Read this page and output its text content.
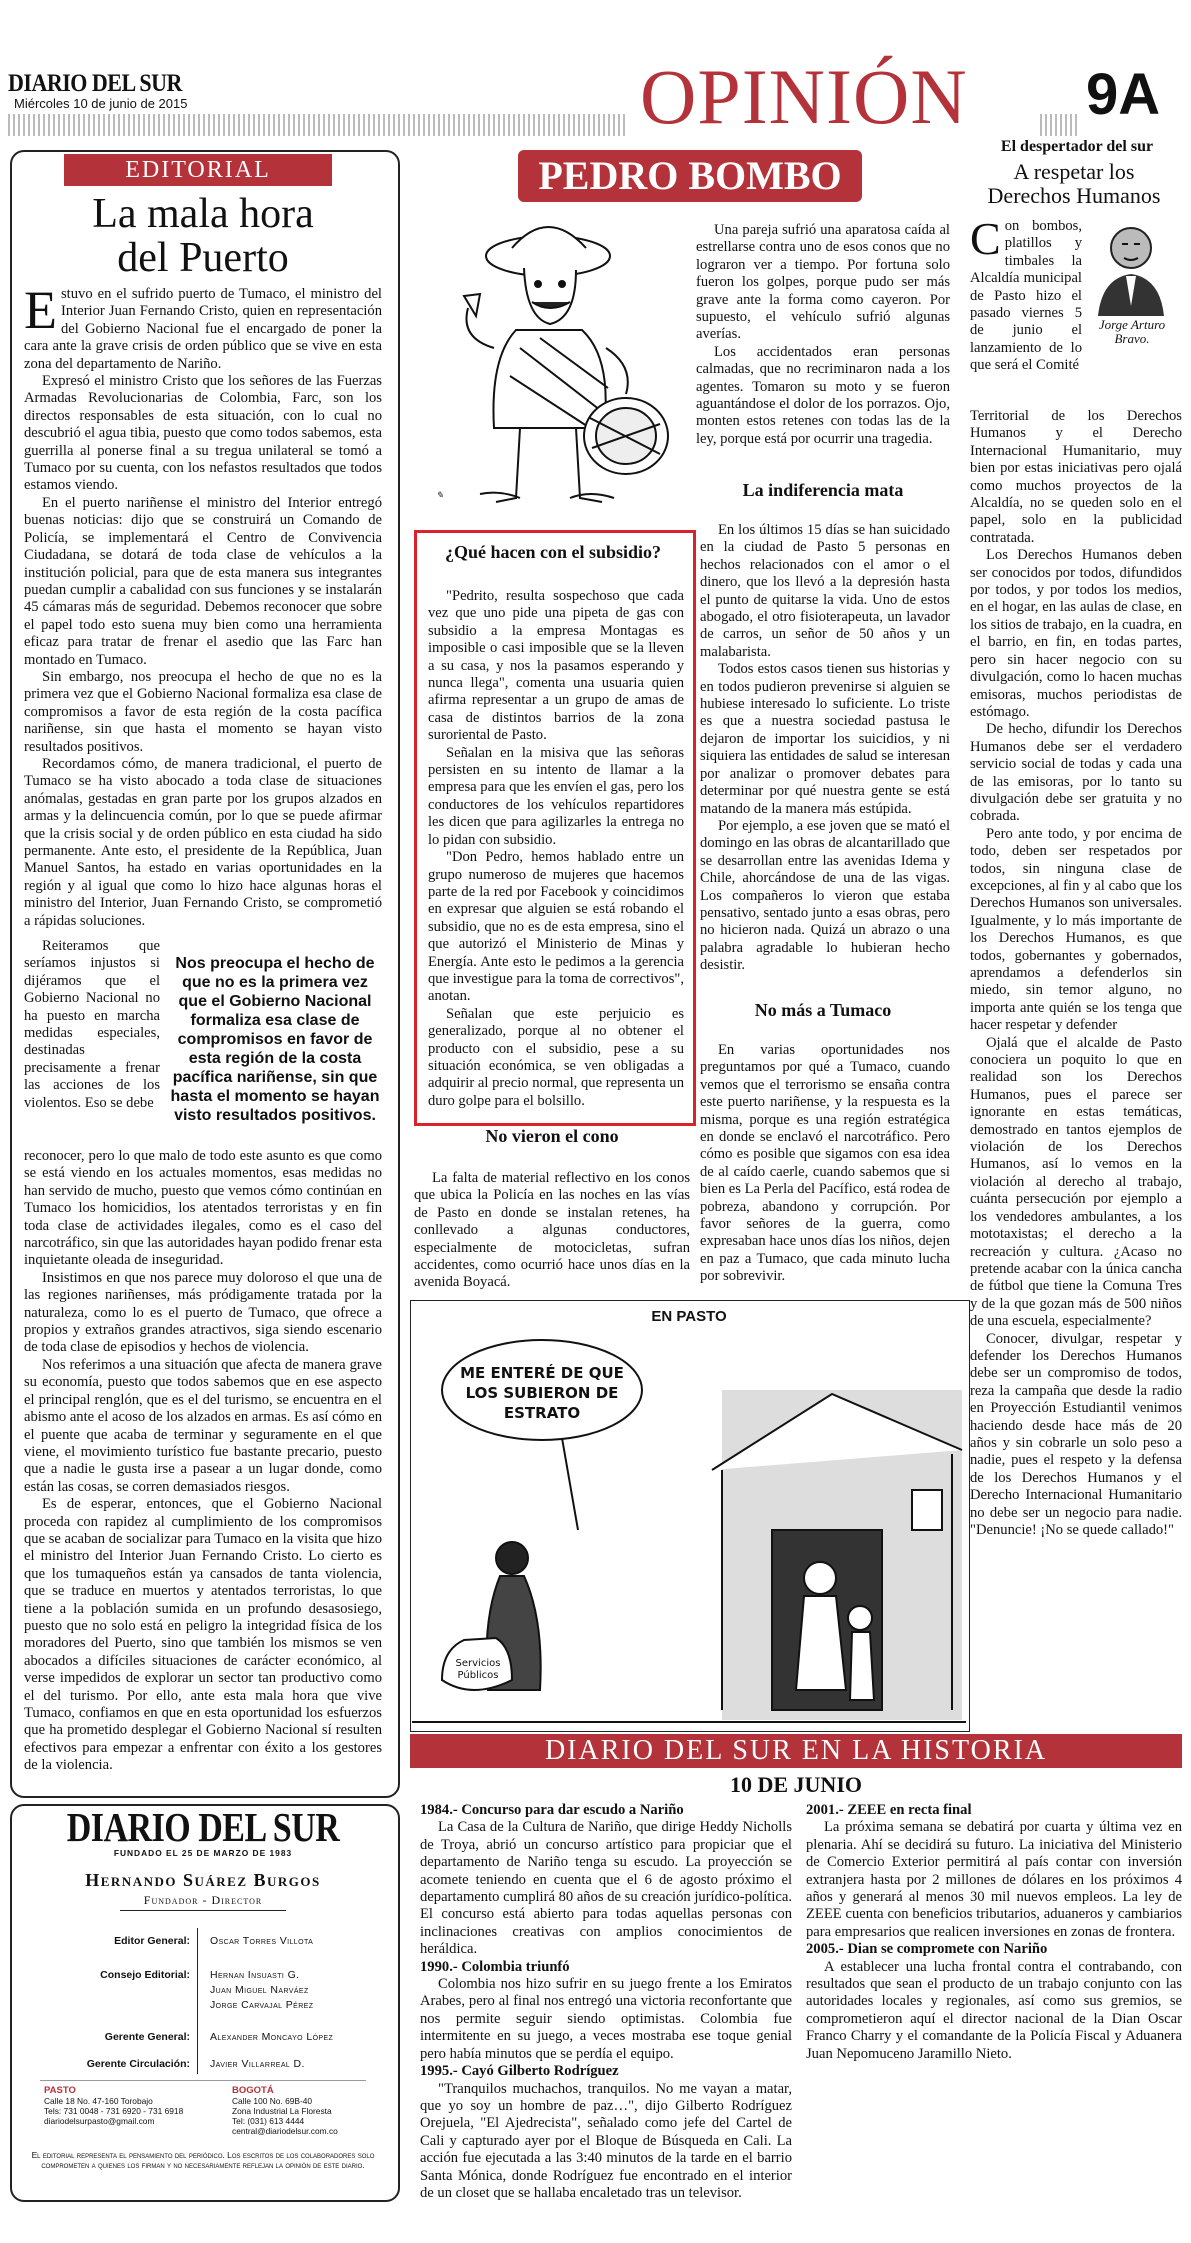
DIARIO DEL SUR
Miércoles 10 de junio de 2015	OPINIÓN 9A
EDITORIAL
La mala hora
del Puerto

Estuvo en el sufrido puerto de Tumaco, el ministro del Interior Juan Fernando Cristo, quien en representación del Gobierno Nacional fue el encargado de poner la cara ante la grave crisis de orden público que se vive en esta zona del departamento de Nariño.

Expresó el ministro Cristo que los señores de las Fuerzas Armadas Revolucionarias de Colombia, Farc, son los directos responsables de esta situación, con lo cual no descubrió el agua tibia, puesto que como todos sabemos, esta guerrilla al ponerse final a su tregua unilateral se tomó a Tumaco por su cuenta, con los nefastos resultados que todos estamos viendo.

En el puerto nariñense el ministro del Interior entregó buenas noticias: dijo que se construirá un Comando de Policía, se implementará el Centro de Convivencia Ciudadana, se dotará de toda clase de vehículos a la institución policial, para que de esta manera sus integrantes puedan cumplir a cabalidad con sus funciones y se instalarán 45 cámaras más de seguridad. Debemos reconocer que sobre el papel todo esto suena muy bien como una herramienta eficaz para tratar de frenar el asedio que las Farc han montado en Tumaco.

Sin embargo, nos preocupa el hecho de que no es la primera vez que el Gobierno Nacional formaliza esa clase de compromisos a favor de esta región de la costa pacífica nariñense, sin que hasta el momento se hayan visto resultados positivos.

Recordamos cómo, de manera tradicional, el puerto de Tumaco se ha visto abocado a toda clase de situaciones anómalas, gestadas en gran parte por los grupos alzados en armas y la delincuencia común, por lo que se puede afirmar que la crisis social y de orden público en esta ciudad ha sido permanente. Ante esto, el presidente de la República, Juan Manuel Santos, ha estado en varias oportunidades en la región y al igual que como lo hizo hace algunas horas el ministro del Interior, Juan Fernando Cristo, se comprometió a rápidas soluciones.

Reiteramos que seríamos injustos si dijéramos que el Gobierno Nacional no ha puesto en marcha medidas especiales, destinadas precisamente a frenar las acciones de los violentos. Eso se debe

Nos preocupa el hecho de que no es la primera vez que el Gobierno Nacional formaliza esa clase de compromisos en favor de esta región de la costa pacífica nariñense, sin que hasta el momento se hayan visto resultados positivos.

reconocer, pero lo que malo de todo este asunto es que como se está viendo en los actuales momentos, esas medidas no han servido de mucho, puesto que vemos cómo continúan en Tumaco los homicidios, los atentados terroristas y en fin toda clase de actividades ilegales, como es el caso del narcotráfico, sin que las autoridades hayan podido frenar esta inquietante oleada de inseguridad.

Insistimos en que nos parece muy doloroso el que una de las regiones nariñenses, más pródigamente tratada por la naturaleza, como lo es el puerto de Tumaco, que ofrece a propios y extraños grandes atractivos, siga siendo escenario de toda clase de episodios y hechos de violencia.

Nos referimos a una situación que afecta de manera grave su economía, puesto que todos sabemos que en ese aspecto el principal renglón, que es el del turismo, se encuentra en el abismo ante el acoso de los alzados en armas. Es así cómo en el puente que acaba de terminar y seguramente en el que viene, el movimiento turístico fue bastante precario, puesto que a nadie le gusta irse a pasear a un lugar donde, como están las cosas, se corren demasiados riesgos.

Es de esperar, entonces, que el Gobierno Nacional proceda con rapidez al cumplimiento de los compromisos que se acaban de socializar para Tumaco en la visita que hizo el ministro del Interior Juan Fernando Cristo. Lo cierto es que los tumaqueños están ya cansados de tanta violencia, que se traduce en muertos y atentados terroristas, lo que tiene a la población sumida en un profundo desasosiego, puesto que no solo está en peligro la integridad física de los moradores del Puerto, sino que también los mismos se ven abocados a difíciles situaciones de carácter económico, al verse impedidos de explorar un sector tan productivo como el del turismo. Por ello, ante esta mala hora que vive Tumaco, confiamos en que en esta oportunidad los esfuerzos que ha prometido desplegar el Gobierno Nacional sí resulten efectivos para empezar a enfrentar con éxito a los gestores de la violencia.

DIARIO DEL SUR
FUNDADO EL 25 DE MARZO DE 1983
Hernando Suárez Burgos
Fundador - Director
Editor General: Oscar Torres Villota
Consejo Editorial: Hernan Insuasti G.
Juan Miguel Narváez
Jorge Carvajal Pérez
Gerente General: Alexander Moncayo López
Gerente Circulación: Javier Villarreal D.
PASTO
Calle 18 No. 47-160 Torobajo
Tels: 731 0048 - 731 6920 - 731 6918
diariodelsurpasto@gmail.com
BOGOTÁ
Calle 100 No. 69B-40
Zona Industrial La Floresta
Tel: (031) 613 4444
central@diariodelsur.com.co
El editorial representa el pensamiento del periódico. Los escritos de los colaboradores solo comprometen a quienes los firman y no necesariamente reflejan la opinión de este diario.
PEDRO BOMBO
✎

Una pareja sufrió una aparatosa caída al estrellarse contra uno de esos conos que no lograron ver a tiempo. Por fortuna solo fueron los golpes, porque pudo ser más grave ante la forma como cayeron. Por supuesto, el vehículo sufrió algunas averías.

Los accidentados eran personas calmadas, que no recriminaron nada a los agentes. Tomaron su moto y se fueron aguantándose el dolor de los porrazos. Ojo, monten estos retenes con todas las de la ley, porque está por ocurrir una tragedia.

¿Qué hacen con el subsidio?

"Pedrito, resulta sospechoso que cada vez que uno pide una pipeta de gas con subsidio a la empresa Montagas es imposible o casi imposible que se la lleven a su casa, y nos la pasamos esperando y nunca llega", comenta una usuaria quien afirma representar a un grupo de amas de casa de distintos barrios de la zona suroriental de Pasto.

Señalan en la misiva que las señoras persisten en su intento de llamar a la empresa para que les envíen el gas, pero los conductores de los vehículos repartidores les dicen que para agilizarles la entrega no lo pidan con subsidio.

"Don Pedro, hemos hablado entre un grupo numeroso de mujeres que hacemos parte de la red por Facebook y coincidimos en expresar que alguien se está robando el subsidio, que no es de esta empresa, sino el que autorizó el Ministerio de Minas y Energía. Ante esto le pedimos a la gerencia que investigue para la toma de correctivos", anotan.

Señalan que este perjuicio es generalizado, porque al no obtener el producto con el subsidio, pese a su situación económica, se ven obligadas a adquirir al precio normal, que representa un duro golpe para el bolsillo.

La indiferencia mata

En los últimos 15 días se han suicidado en la ciudad de Pasto 5 personas en hechos relacionados con el amor o el dinero, que los llevó a la depresión hasta el punto de quitarse la vida. Uno de estos abogado, el otro fisioterapeuta, un lavador de carros, un señor de 50 años y un malabarista.

Todos estos casos tienen sus historias y en todos pudieron prevenirse si alguien se hubiese interesado lo suficiente. Lo triste es que a nuestra sociedad pastusa le dejaron de importar los suicidios, y ni siquiera las entidades de salud se interesan por analizar o promover debates para determinar por qué nuestra gente se está matando de la manera más estúpida.

Por ejemplo, a ese joven que se mató el domingo en las obras de alcantarillado que se desarrollan entre las avenidas Idema y Chile, ahorcándose de una de las vigas. Los compañeros lo vieron que estaba pensativo, sentado junto a esas obras, pero no hicieron nada. Quizá un abrazo o una palabra agradable lo hubieran hecho desistir.

No más a Tumaco

En varias oportunidades nos preguntamos por qué a Tumaco, cuando vemos que el terrorismo se ensaña contra este puerto nariñense, y la respuesta es la misma, porque es una región estratégica en donde se enclavó el narcotráfico. Pero cómo es posible que sigamos con esa idea de al caído caerle, cuando sabemos que si bien es La Perla del Pacífico, está rodea de pobreza, abandono y corrupción. Por favor señores de la guerra, como expresaban hace unos días los niños, dejen en paz a Tumaco, que cada minuto lucha por sobrevivir.

No vieron el cono

La falta de material reflectivo en los conos que ubica la Policía en las noches en las vías de Pasto en donde se instalan retenes, ha conllevado a algunas conductores, especialmente de motocicletas, sufran accidentes, como ocurrió hace unos días en la avenida Boyacá.

EN PASTO
ME ENTERÉ DE QUE
LOS SUBIERON DE
ESTRATO
Servicios
Públicos
El despertador del sur
A respetar los
Derechos Humanos
Jorge Arturo Bravo.

Con bombos, platillos y timbales la Alcaldía municipal de Pasto hizo el pasado viernes 5 de junio el lanzamiento de lo que será el Comité

Territorial de los Derechos Humanos y el Derecho Internacional Humanitario, muy bien por estas iniciativas pero ojalá como muchos proyectos de la Alcaldía, no se queden solo en el papel, solo en la publicidad contratada.

Los Derechos Humanos deben ser conocidos por todos, difundidos por todos, y por todos los medios, en el hogar, en las aulas de clase, en los sitios de trabajo, en la cuadra, en el barrio, en fin, en todas partes, pero sin hacer negocio con su divulgación, como lo hacen muchas emisoras, muchos periodistas de estómago.

De hecho, difundir los Derechos Humanos debe ser el verdadero servicio social de todas y cada una de las emisoras, por lo tanto su divulgación debe ser gratuita y no cobrada.

Pero ante todo, y por encima de todo, deben ser respetados por todos, sin ninguna clase de excepciones, al fin y al cabo que los Derechos Humanos son universales. Igualmente, y lo más importante de los Derechos Humanos, es que todos, gobernantes y gobernados, aprendamos a defenderlos sin miedo, sin temor alguno, no importa ante quién se los tenga que hacer respetar y defender

Ojalá que el alcalde de Pasto conociera un poquito lo que en realidad son los Derechos Humanos, pues el parece ser ignorante en estas temáticas, demostrado en tantos ejemplos de violación de los Derechos Humanos, así lo vemos en la violación al derecho al trabajo, cuánta persecución por ejemplo a los vendedores ambulantes, a los mototaxistas; el derecho a la recreación y cultura. ¿Acaso no pretende acabar con la única cancha de fútbol que tiene la Comuna Tres y de la que gozan más de 500 niños de una escuela, especialmente?

Conocer, divulgar, respetar y defender los Derechos Humanos debe ser un compromiso de todos, reza la campaña que desde la radio en Proyección Estudiantil venimos haciendo desde hace más de 20 años y sin cobrarle un solo peso a nadie, pues el respeto y la defensa de los Derechos Humanos y el Derecho Internacional Humanitario no debe ser un negocio para nadie. "Denuncie! ¡No se quede callado!"

DIARIO DEL SUR EN LA HISTORIA
10 DE JUNIO

1984.- Concurso para dar escudo a Nariño

La Casa de la Cultura de Nariño, que dirige Heddy Nicholls de Troya, abrió un concurso artístico para propiciar que el departamento de Nariño tenga su escudo. La proyección se acomete teniendo en cuenta que el 6 de agosto próximo el departamento cumplirá 80 años de su creación jurídico-política. El concurso está abierto para todas aquellas personas con inclinaciones creativas con amplios conocimientos de heráldica.

1990.- Colombia triunfó

Colombia nos hizo sufrir en su juego frente a los Emiratos Arabes, pero al final nos entregó una victoria reconfortante que nos permite seguir siendo optimistas. Colombia fue intermitente en su juego, a veces mostraba ese toque genial pero había minutos que se perdía el equipo.

1995.- Cayó Gilberto Rodríguez

"Tranquilos muchachos, tranquilos. No me vayan a matar, que yo soy un hombre de paz…", dijo Gilberto Rodríguez Orejuela, "El Ajedrecista", señalado como jefe del Cartel de Cali y capturado ayer por el Bloque de Búsqueda en Cali. La acción fue ejecutada a las 3:40 minutos de la tarde en el barrio Santa Mónica, donde Rodríguez fue encontrado en el interior de un closet que se hallaba encaletado tras un televisor.

2001.- ZEEE en recta final

La próxima semana se debatirá por cuarta y última vez en plenaria. Ahí se decidirá su futuro. La iniciativa del Ministerio de Comercio Exterior permitirá al país contar con inversión extranjera hasta por 2 millones de dólares en los próximos 4 años y generará al menos 30 mil nuevos empleos. La ley de ZEEE cuenta con beneficios tributarios, aduaneros y cambiarios para empresarios que realicen inversiones en zonas de frontera.

2005.- Dian se compromete con Nariño

A establecer una lucha frontal contra el contrabando, con resultados que sean el producto de un trabajo conjunto con las autoridades locales y regionales, así como sus gremios, se comprometieron aquí el director nacional de la Dian Oscar Franco Charry y el comandante de la Policía Fiscal y Aduanera Juan Nepomuceno Jaramillo Nieto.
